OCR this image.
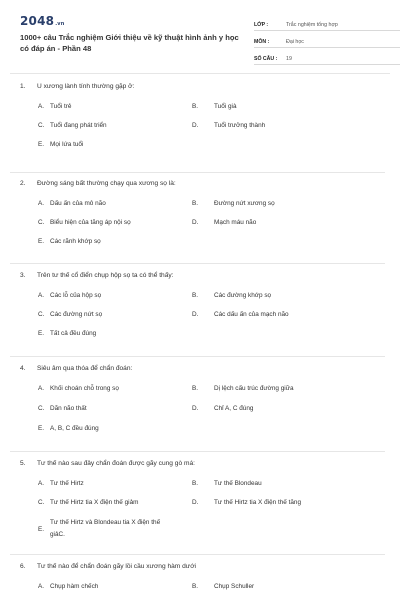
2048.vn
1000+ câu Trắc nghiệm Giới thiệu về kỹ thuật hình ảnh y học có đáp án - Phần 48
LỚP :	Trắc nghiệm tổng hợp
MÔN :	Đại học
SỐ CÂU :	19
1. U xương lành tính thường gặp ở:
A. Tuổi trẻ	B.	Tuổi già
C. Tuổi đang phát triển	D.	Tuổi trưởng thành
E. Mọi lứa tuổi
2. Đường sáng bất thường chạy qua xương sọ là:
A. Dấu ấn của mô não	B.	Đường nứt xương sọ
C. Biểu hiện của tăng áp nội sọ	D.	Mạch máu não
E. Các rãnh khớp sọ
3. Trên tư thế cổ điển chụp hộp sọ ta có thể thấy:
A. Các lỗ của hộp sọ	B.	Các đường khớp sọ
C. Các đường nứt sọ	D.	Các dấu ấn của mạch não
E. Tất cả đều đúng
4. Siêu âm qua thóa để chẩn đoán:
A. Khối choán chỗ trong sọ	B.	Dị lệch cấu trúc đường giữa
C. Dãn não thất	D.	Chỉ A, C đúng
E. A, B, C đều đúng
5. Tư thế nào sau đây chẩn đoán được gãy cung gò má:
A. Tư thế Hirtz	B.	Tư thế Blondeau
C. Tư thế Hirtz tia X điện thế giảm	D.	Tư thế Hirtz tia X điện thế tăng
E.
Tư thế Hirtz và Blondeau tia X điện thế giảC.
6. Tư thế nào để chẩn đoán gãy lồi cầu xương hàm dưới
A. Chụp hàm chếch	B.	Chụp Schuller
